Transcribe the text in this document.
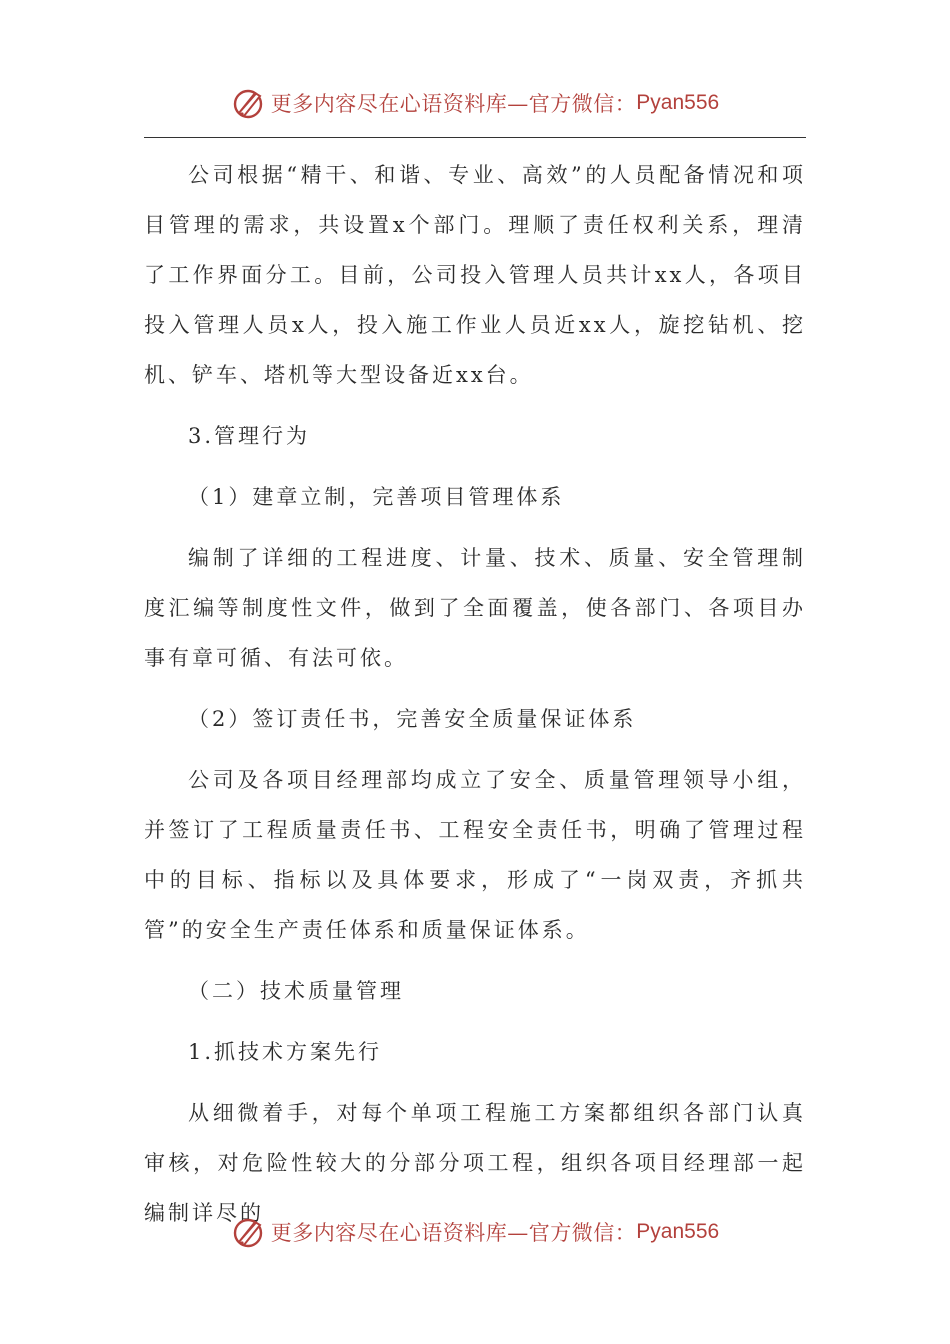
更多内容尽在心语资料库—官方微信： Pyan556

公司根据“精干、和谐、专业、高效”的人员配备情况和项目管理的需求，共设置x个部门。理顺了责任权利关系，理清了工作界面分工。目前，公司投入管理人员共计xx人，各项目投入管理人员x人，投入施工作业人员近xx人，旋挖钻机、挖机、铲车、塔机等大型设备近xx台。

3.管理行为

（1）建章立制，完善项目管理体系

编制了详细的工程进度、计量、技术、质量、安全管理制度汇编等制度性文件，做到了全面覆盖，使各部门、各项目办事有章可循、有法可依。

（2）签订责任书，完善安全质量保证体系

公司及各项目经理部均成立了安全、质量管理领导小组，并签订了工程质量责任书、工程安全责任书，明确了管理过程中的目标、指标以及具体要求，形成了“一岗双责，齐抓共管”的安全生产责任体系和质量保证体系。

（二）技术质量管理

1.抓技术方案先行

从细微着手，对每个单项工程施工方案都组织各部门认真审核，对危险性较大的分部分项工程，组织各项目经理部一起编制详尽的

更多内容尽在心语资料库—官方微信： Pyan556
